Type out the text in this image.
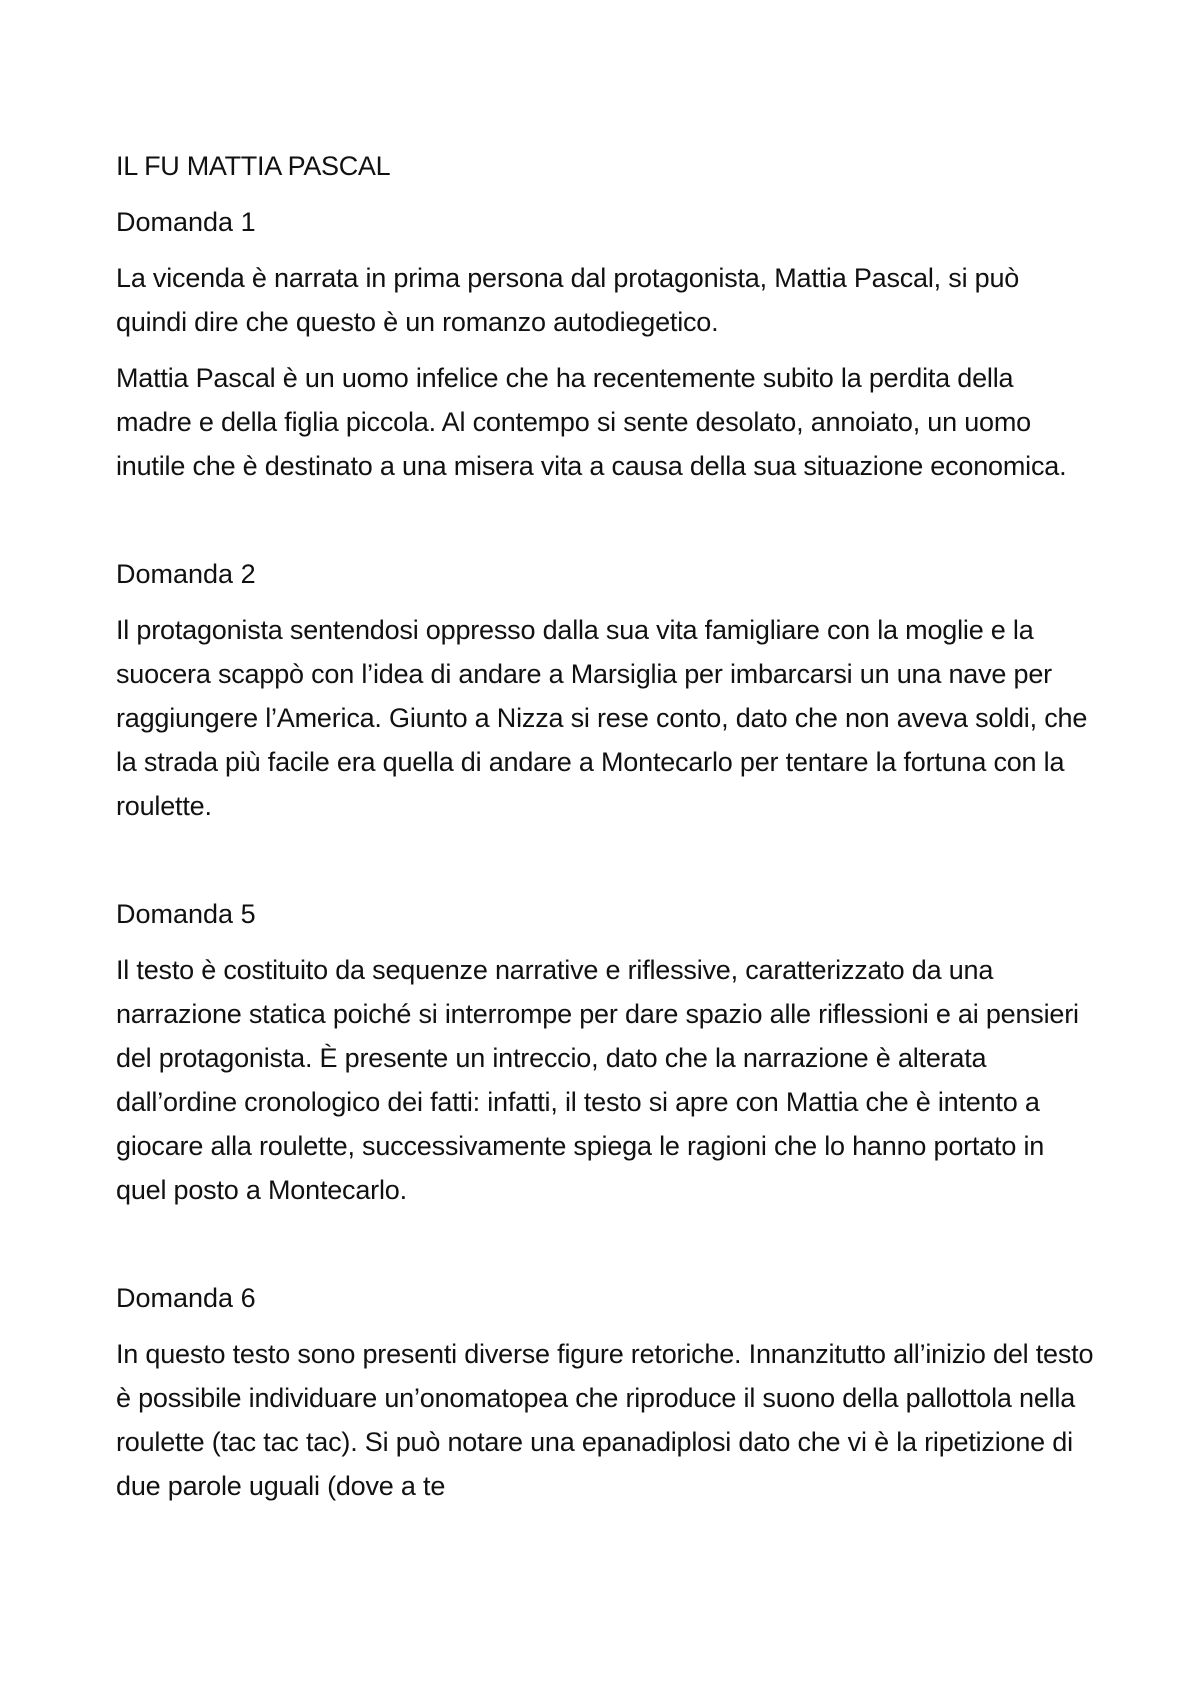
IL FU MATTIA PASCAL
Domanda 1

La vicenda è narrata in prima persona dal protagonista, Mattia Pascal, si può quindi dire che questo è un romanzo autodiegetico.

Mattia Pascal è un uomo infelice che ha recentemente subito la perdita della madre e della figlia piccola. Al contempo si sente desolato, annoiato, un uomo inutile che è destinato a una misera vita a causa della sua situazione economica.

Domanda 2

Il protagonista sentendosi oppresso dalla sua vita famigliare con la moglie e la suocera scappò con l’idea di andare a Marsiglia per imbarcarsi un una nave per raggiungere l’America. Giunto a Nizza si rese conto, dato che non aveva soldi, che la strada più facile era quella di andare a Montecarlo per tentare la fortuna con la roulette.

Domanda 5

Il testo è costituito da sequenze narrative e riflessive, caratterizzato da una narrazione statica poiché si interrompe per dare spazio alle riflessioni e ai pensieri del protagonista. È presente un intreccio, dato che la narrazione è alterata dall’ordine cronologico dei fatti: infatti, il testo si apre con Mattia che è intento a giocare alla roulette, successivamente spiega le ragioni che lo hanno portato in quel posto a Montecarlo.

Domanda 6

In questo testo sono presenti diverse figure retoriche. Innanzitutto all’inizio del testo è possibile individuare un’onomatopea che riproduce il suono della pallottola nella roulette (tac tac tac). Si può notare una epanadiplosi dato che vi è la ripetizione di due parole uguali (dove a te
